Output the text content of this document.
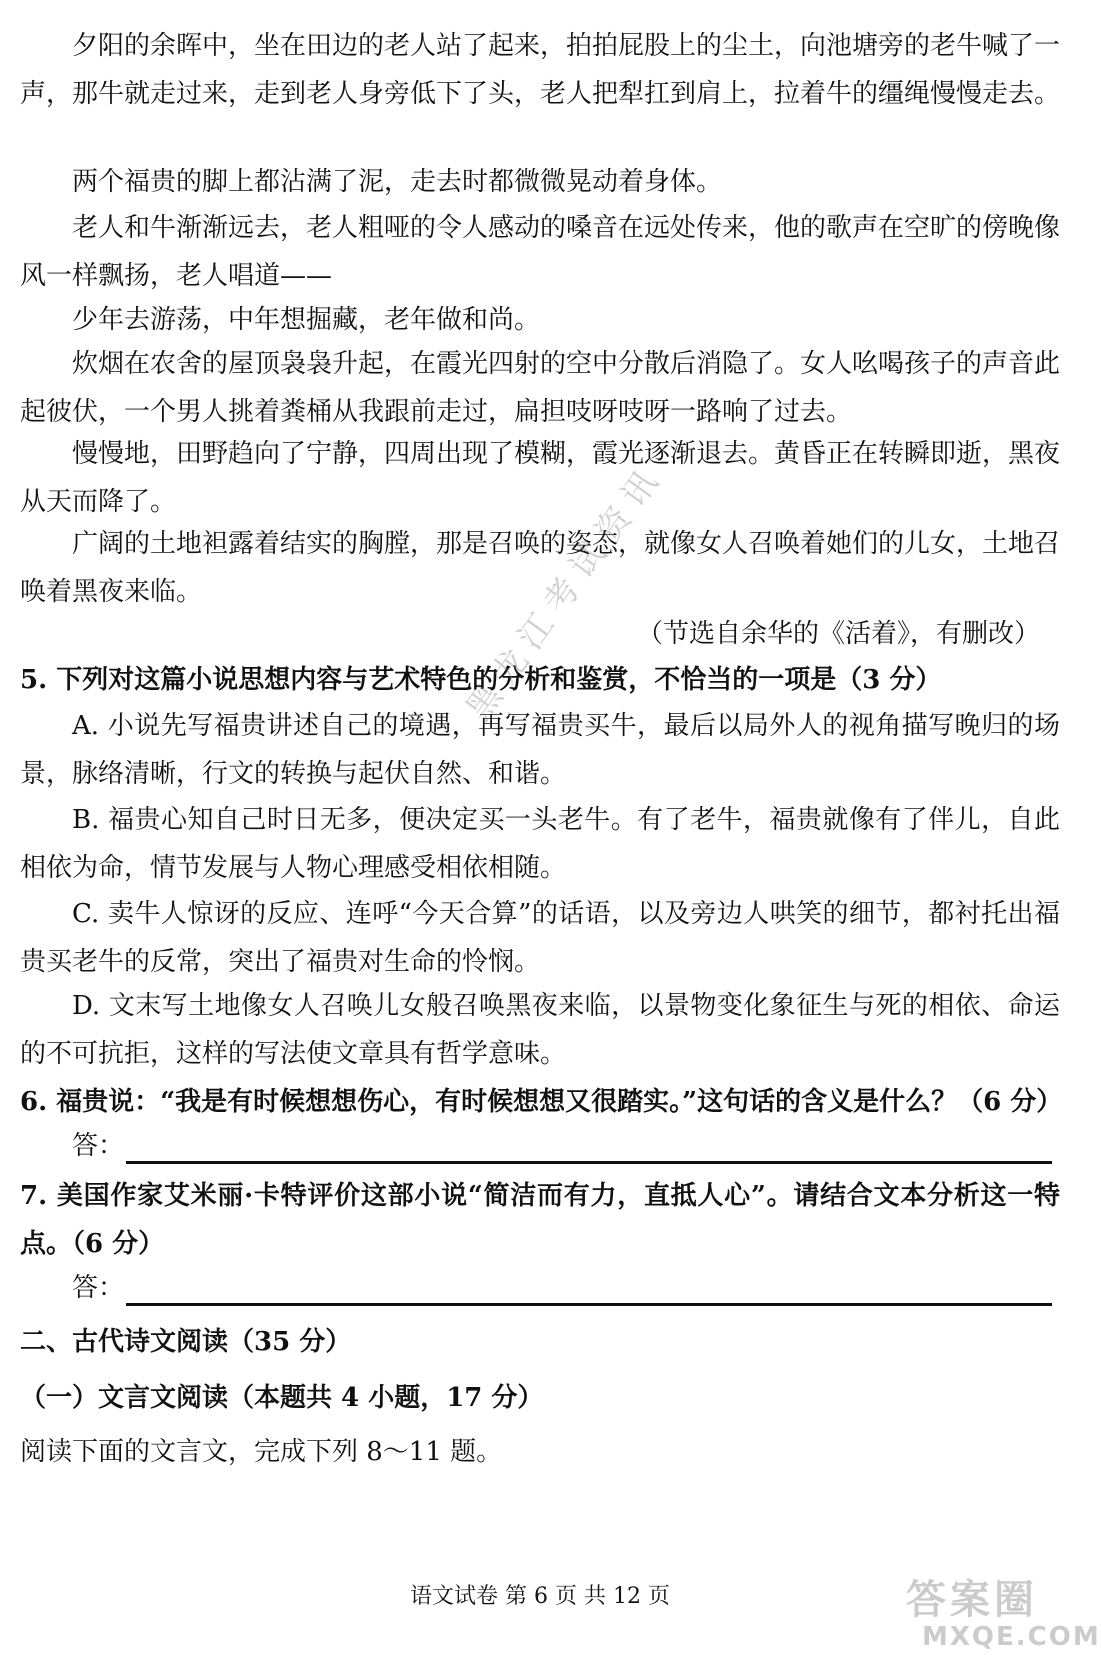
夕阳的余晖中，坐在田边的老人站了起来，拍拍屁股上的尘土，向池塘旁的老牛喊了一声，那牛就走过来，走到老人身旁低下了头，老人把犁扛到肩上，拉着牛的缰绳慢慢走去。

两个福贵的脚上都沾满了泥，走去时都微微晃动着身体。

老人和牛渐渐远去，老人粗哑的令人感动的嗓音在远处传来，他的歌声在空旷的傍晚像风一样飘扬，老人唱道——

少年去游荡，中年想掘藏，老年做和尚。

炊烟在农舍的屋顶袅袅升起，在霞光四射的空中分散后消隐了。女人吆喝孩子的声音此起彼伏，一个男人挑着粪桶从我跟前走过，扁担吱呀吱呀一路响了过去。

慢慢地，田野趋向了宁静，四周出现了模糊，霞光逐渐退去。黄昏正在转瞬即逝，黑夜从天而降了。

广阔的土地袒露着结实的胸膛，那是召唤的姿态，就像女人召唤着她们的儿女，土地召唤着黑夜来临。

（节选自余华的《活着》，有删改）

5. 下列对这篇小说思想内容与艺术特色的分析和鉴赏，不恰当的一项是（3 分）

A. 小说先写福贵讲述自己的境遇，再写福贵买牛，最后以局外人的视角描写晚归的场景，脉络清晰，行文的转换与起伏自然、和谐。

B. 福贵心知自己时日无多，便决定买一头老牛。有了老牛，福贵就像有了伴儿，自此相依为命，情节发展与人物心理感受相依相随。

C. 卖牛人惊讶的反应、连呼“今天合算”的话语，以及旁边人哄笑的细节，都衬托出福贵买老牛的反常，突出了福贵对生命的怜悯。

D. 文末写土地像女人召唤儿女般召唤黑夜来临，以景物变化象征生与死的相依、命运的不可抗拒，这样的写法使文章具有哲学意味。

6. 福贵说：“我是有时候想想伤心，有时候想想又很踏实。”这句话的含义是什么？（6 分）

答：

7. 美国作家艾米丽·卡特评价这部小说“简洁而有力，直抵人心”。请结合文本分析这一特点。（6 分）

答：

二、古代诗文阅读（35 分）

（一）文言文阅读（本题共 4 小题，17 分）

阅读下面的文言文，完成下列 8～11 题。

语文试卷 第 6 页 共 12 页
黑龙江考试资讯
答案圈
MXQE.COM
